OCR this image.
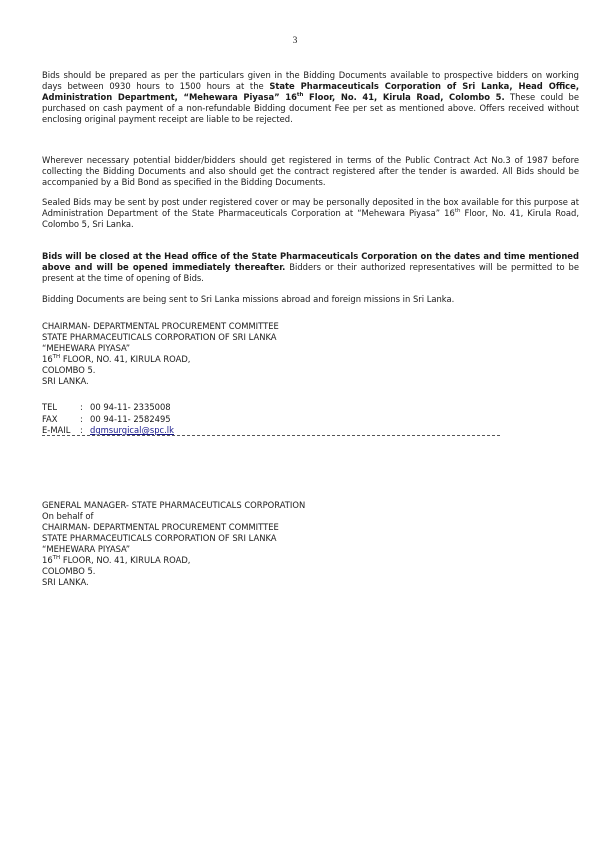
3

Bids should be prepared as per the particulars given in the Bidding Documents available to prospective bidders on working days between 0930 hours to 1500 hours at the State Pharmaceuticals Corporation of Sri Lanka, Head Office, Administration Department, “Mehewara Piyasa” 16th Floor, No. 41, Kirula Road, Colombo 5. These could be purchased on cash payment of a non-refundable Bidding document Fee per set as mentioned above. Offers received without enclosing original payment receipt are liable to be rejected.

Wherever necessary potential bidder/bidders should get registered in terms of the Public Contract Act No.3 of 1987 before collecting the Bidding Documents and also should get the contract registered after the tender is awarded. All Bids should be accompanied by a Bid Bond as specified in the Bidding Documents.

Sealed Bids may be sent by post under registered cover or may be personally deposited in the box available for this purpose at Administration Department of the State Pharmaceuticals Corporation at “Mehewara Piyasa” 16th Floor, No. 41, Kirula Road, Colombo 5, Sri Lanka.

Bids will be closed at the Head office of the State Pharmaceuticals Corporation on the dates and time mentioned above and will be opened immediately thereafter. Bidders or their authorized representatives will be permitted to be present at the time of opening of Bids.

Bidding Documents are being sent to Sri Lanka missions abroad and foreign missions in Sri Lanka.

CHAIRMAN- DEPARTMENTAL PROCUREMENT COMMITTEE
STATE PHARMACEUTICALS CORPORATION OF SRI LANKA
“MEHEWARA PIYASA”
16TH FLOOR, NO. 41, KIRULA ROAD,
COLOMBO 5.
SRI LANKA.
TEL	: 00 94-11- 2335008
FAX	: 00 94-11- 2582495
E-MAIL : dgmsurgical@spc.lk
GENERAL MANAGER- STATE PHARMACEUTICALS CORPORATION
On behalf of
CHAIRMAN- DEPARTMENTAL PROCUREMENT COMMITTEE
STATE PHARMACEUTICALS CORPORATION OF SRI LANKA
“MEHEWARA PIYASA”
16TH FLOOR, NO. 41, KIRULA ROAD,
COLOMBO 5.
SRI LANKA.
